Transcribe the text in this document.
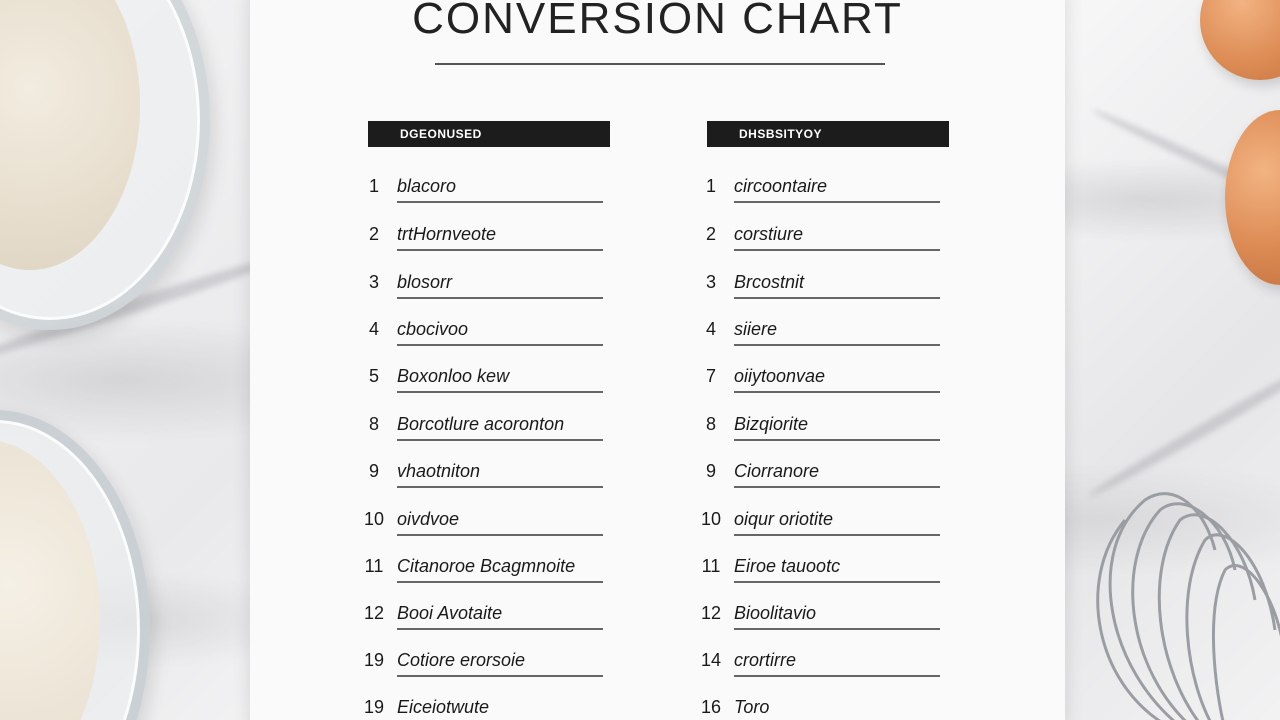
CONVERSION CHART
DGEONUSED
1	blacoro
2	trtHornveote
3	blosorr
4	cbocivoo
5	Boxonloo kew
8	Borcotlure acoronton
9	vhaotniton
10 oivdvoe
11 Citanoroe Bcagmnoite
12 Booi Avotaite
19 Cotiore erorsoie
19 Eiceiotwute
DHSBSITYOY
1	circoontaire
2	corstiure
3	Brcostnit
4	siiere
7	oiiytoonvae
8	Bizqiorite
9	Ciorranore
10 oiqur oriotite
11 Eiroe tauootc
12 Bioolitavio
14 crortirre
16 Toro
